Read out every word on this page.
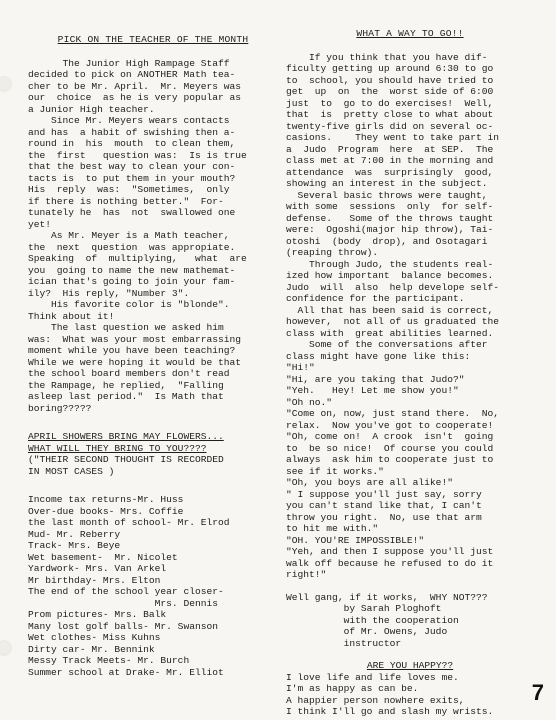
PICK ON THE TEACHER OF THE MONTH
The Junior High Rampage Staff
decided to pick on ANOTHER Math tea-
cher to be Mr. April.  Mr. Meyers was
our  choice  as he is very popular as
a Junior High teacher.
Since Mr. Meyers wears contacts
and has  a habit of swishing then a-
round in  his  mouth  to clean them,
the  first   question was:  Is is true
that the best way to clean your con-
tacts is  to put them in your mouth?
His  reply  was:  "Sometimes,  only
if there is nothing better."  For-
tunately he  has  not  swallowed one
yet!
As Mr. Meyer is a Math teacher,
the  next  question  was appropiate.
Speaking  of  multiplying,   what  are
you  going to name the new mathemat-
ician that's going to join your fam-
ily?  His reply, "Number 3".
His favorite color is "blonde".
Think about it!
The last question we asked him
was:  What was your most embarrassing
moment while you have been teaching?
While we were hoping it would be that
the school board members don't read
the Rampage, he replied,  "Falling
asleep last period."  Is Math that
boring?????
APRIL SHOWERS BRING MAY FLOWERS...
WHAT WILL THEY BRING TO YOU????
("THEIR SECOND THOUGHT IS RECORDED
IN MOST CASES )
Income tax returns-Mr. Huss
Over-due books- Mrs. Coffie
the last month of school- Mr. Elrod
Mud- Mr. Reberry
Track- Mrs. Beye
Wet basement-  Mr. Nicolet
Yardwork- Mrs. Van Arkel
Mr birthday- Mrs. Elton
The end of the school year closer-
Mrs. Dennis
Prom pictures- Mrs. Balk
Many lost golf balls- Mr. Swanson
Wet clothes- Miss Kuhns
Dirty car- Mr. Bennink
Messy Track Meets- Mr. Burch
Summer school at Drake- Mr. Elliot
WHAT A WAY TO GO!!
If you think that you have dif-
ficulty getting up around 6:30 to go
to  school, you should have tried to
get  up  on  the  worst side of 6:00
just  to  go to do exercises!  Well,
that  is  pretty close to what about
twenty-five girls did on several oc-
casions.    They went to take part in
a  Judo  Program  here  at SEP.  The
class met at 7:00 in the morning and
attendance  was  surprisingly  good,
showing an interest in the subject.
Several basic throws were taught,
with some  sessions  only  for self-
defense.   Some of the throws taught
were:  Ogoshi(major hip throw), Tai-
otoshi  (body  drop), and Osotagari
(reaping throw).
Through Judo, the students real-
ized how important  balance becomes.
Judo  will  also  help develope self-
confidence for the participant.
All that has been said is correct,
however,  not all of us graduated the
class with  great abilities learned.
Some of the conversations after
class might have gone like this:
"Hi!"
"Hi, are you taking that Judo?"
"Yeh.   Hey! Let me show you!"
"Oh no."
"Come on, now, just stand there.  No,
relax.  Now you've got to cooperate!
"Oh, come on!  A crook  isn't  going
to  be so nice!  Of course you could
always  ask him to cooperate just to
see if it works."
"Oh, you boys are all alike!"
" I suppose you'll just say, sorry
you can't stand like that, I can't
throw you right.  No, use that arm
to hit me with."
"OH. YOU'RE IMPOSSIBLE!"
"Yeh, and then I suppose you'll just
walk off because he refused to do it
right!"
Well gang, if it works,  WHY NOT???
by Sarah Ploghoft
with the cooperation
of Mr. Owens, Judo
instructor
ARE YOU HAPPY??
I love life and life loves me.
I'm as happy as can be.
A happier person nowhere exits,
I think I'll go and slash my wrists.
7
